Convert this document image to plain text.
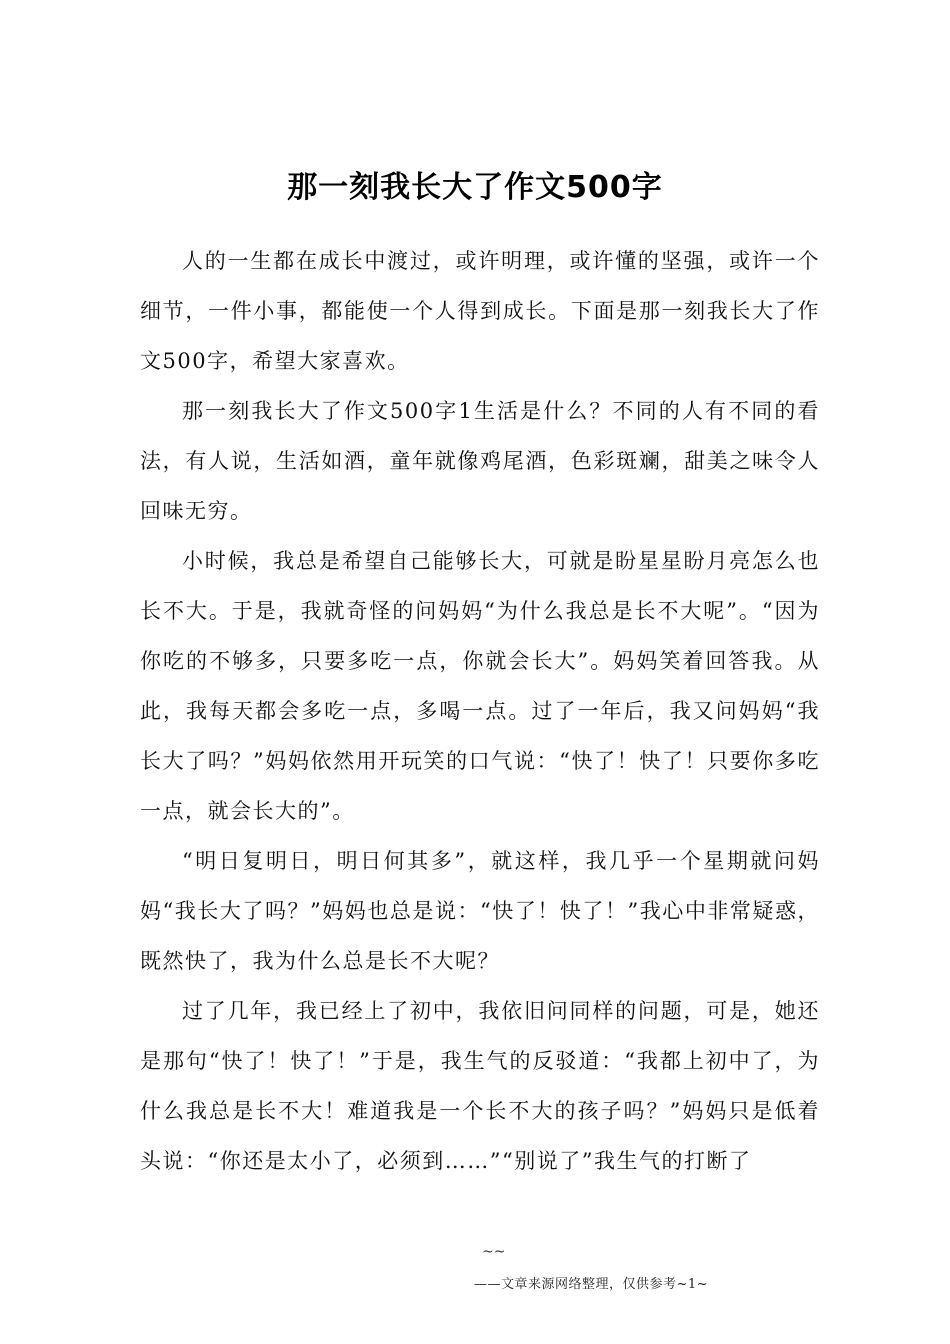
那一刻我长大了作文500字

人的一生都在成长中渡过，或许明理，或许懂的坚强，或许一个细节，一件小事，都能使一个人得到成长。下面是那一刻我长大了作文500字，希望大家喜欢。

那一刻我长大了作文500字1生活是什么？不同的人有不同的看法，有人说，生活如酒，童年就像鸡尾酒，色彩斑斓，甜美之味令人回味无穷。

小时候，我总是希望自己能够长大，可就是盼星星盼月亮怎么也长不大。于是，我就奇怪的问妈妈“为什么我总是长不大呢”。“因为你吃的不够多，只要多吃一点，你就会长大”。妈妈笑着回答我。从此，我每天都会多吃一点，多喝一点。过了一年后，我又问妈妈“我长大了吗？”妈妈依然用开玩笑的口气说：“快了！快了！只要你多吃一点，就会长大的”。

“明日复明日，明日何其多”，就这样，我几乎一个星期就问妈妈“我长大了吗？”妈妈也总是说：“快了！快了！”我心中非常疑惑，既然快了，我为什么总是长不大呢？

过了几年，我已经上了初中，我依旧问同样的问题，可是，她还是那句“快了！快了！”于是，我生气的反驳道：“我都上初中了，为什么我总是长不大！难道我是一个长不大的孩子吗？”妈妈只是低着头说：“你还是太小了，必须到……”“别说了”我生气的打断了

~~
——文章来源网络整理，仅供参考~1~
